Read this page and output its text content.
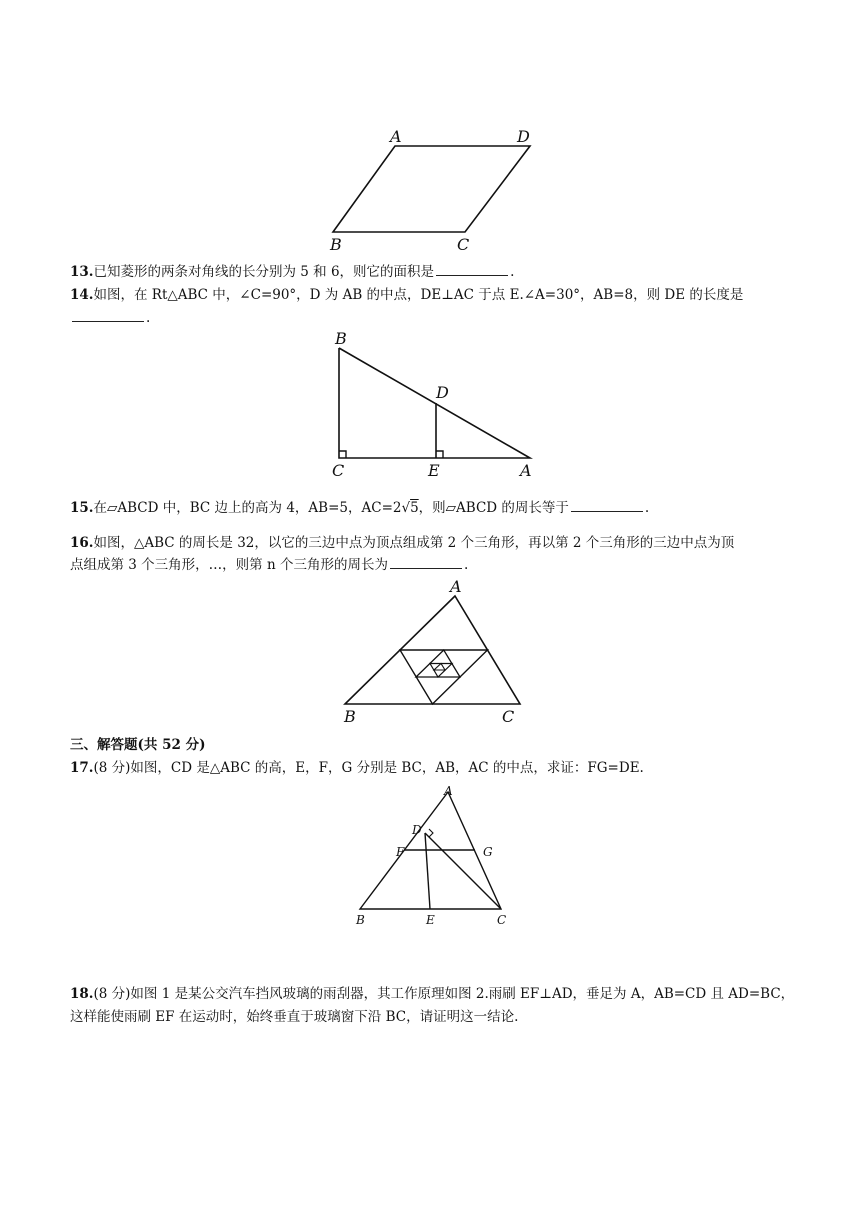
A	D
B	C
13.已知菱形的两条对角线的长分别为 5 和 6，则它的面积是	.
14.如图，在 Rt△ABC 中，∠C=90°，D 为 AB 的中点，DE⊥AC 于点 E.∠A=30°，AB=8，则 DE 的长度是
.
B
D
C	E	A
15.在▱ABCD 中，BC 边上的高为 4，AB=5，AC=2√5，则▱ABCD 的周长等于	.
16.如图，△ABC 的周长是 32，以它的三边中点为顶点组成第 2 个三角形，再以第 2 个三角形的三边中点为顶
点组成第 3 个三角形，…，则第 n 个三角形的周长为	.
A
B	C
三、解答题(共 52 分)
17.(8 分)如图，CD 是△ABC 的高，E，F，G 分别是 BC，AB，AC 的中点，求证：FG=DE.
A
D
F	G
B	E	C
18.(8 分)如图 1 是某公交汽车挡风玻璃的雨刮器，其工作原理如图 2.雨刷 EF⊥AD，垂足为 A，AB=CD 且 AD=BC，
这样能使雨刷 EF 在运动时，始终垂直于玻璃窗下沿 BC，请证明这一结论.
